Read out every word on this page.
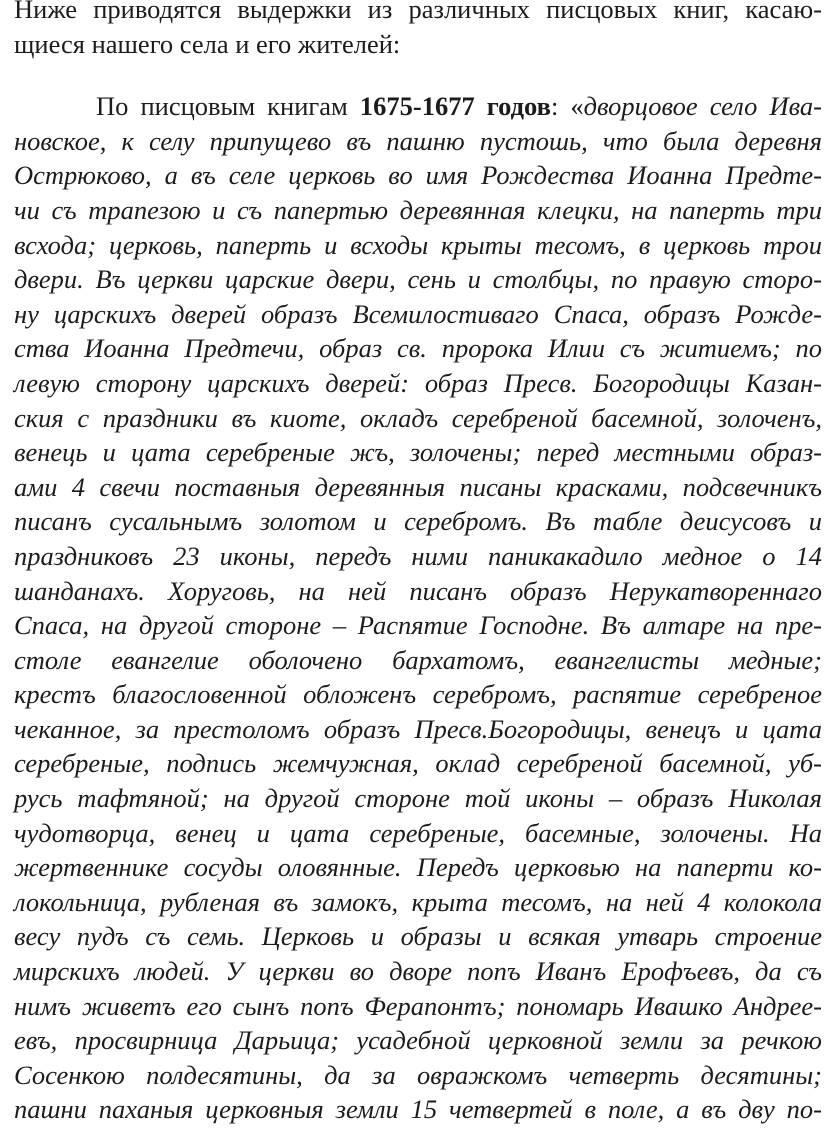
Ниже приводятся выдержки из различных писцовых книг, касаю-
щиеся нашего села и его жителей:
По писцовым книгам 1675-1677 годов: «дворцовое село Ива-
новское, к селу припущево въ пашню пустошь, что была деревня
Острюково, а въ селе церковь во имя Рождества Иоанна Предте-
чи съ трапезою и съ папертью деревянная клецки, на паперть три
всхода; церковь, паперть и всходы крыты тесомъ, в церковь трои
двери. Въ церкви царские двери, сень и столбцы, по правую сторо-
ну царскихъ дверей образъ Всемилостиваго Спаса, образъ Рожде-
ства Иоанна Предтечи, образ св. пророка Илии съ житиемъ; по
левую сторону царскихъ дверей: образ Пресв. Богородицы Казан-
ския с праздники въ киоте, окладъ серебреной басемной, золоченъ,
венець и цата серебреные жъ, золочены; перед местными образ-
ами 4 свечи поставныя деревянныя писаны красками, подсвечникъ
писанъ сусальнымъ золотом и серебромъ. Въ табле деисусовъ и
праздниковъ 23 иконы, передъ ними паникакадило медное о 14
шанданахъ. Хоруговь, на ней писанъ образъ Нерукатвореннаго
Спаса, на другой стороне – Распятие Господне. Въ алтаре на пре-
столе евангелие оболочено бархатомъ, евангелисты медные;
крестъ благословенной обложенъ серебромъ, распятие серебреное
чеканное, за престоломъ образъ Пресв.Богородицы, венецъ и цата
серебреные, подпись жемчужная, оклад серебреной басемной, уб-
русь тафтяной; на другой стороне той иконы – образъ Николая
чудотворца, венец и цата серебреные, басемные, золочены. На
жертвеннике сосуды оловянные. Передъ церковью на паперти ко-
локольница, рубленая въ замокъ, крыта тесомъ, на ней 4 колокола
весу пудъ съ семь. Церковь и образы и всякая утварь строение
мирскихъ людей. У церкви во дворе попъ Иванъ Ерофъевъ, да съ
нимъ живетъ его сынъ попъ Ферапонтъ; пономарь Ивашко Андрее-
евъ, просвирница Дарьица; усадебной церковной земли за речкою
Сосенкою полдесятины, да за овражкомъ четверть десятины;
пашни паханыя церковныя земли 15 четвертей в поле, а въ дву по-
